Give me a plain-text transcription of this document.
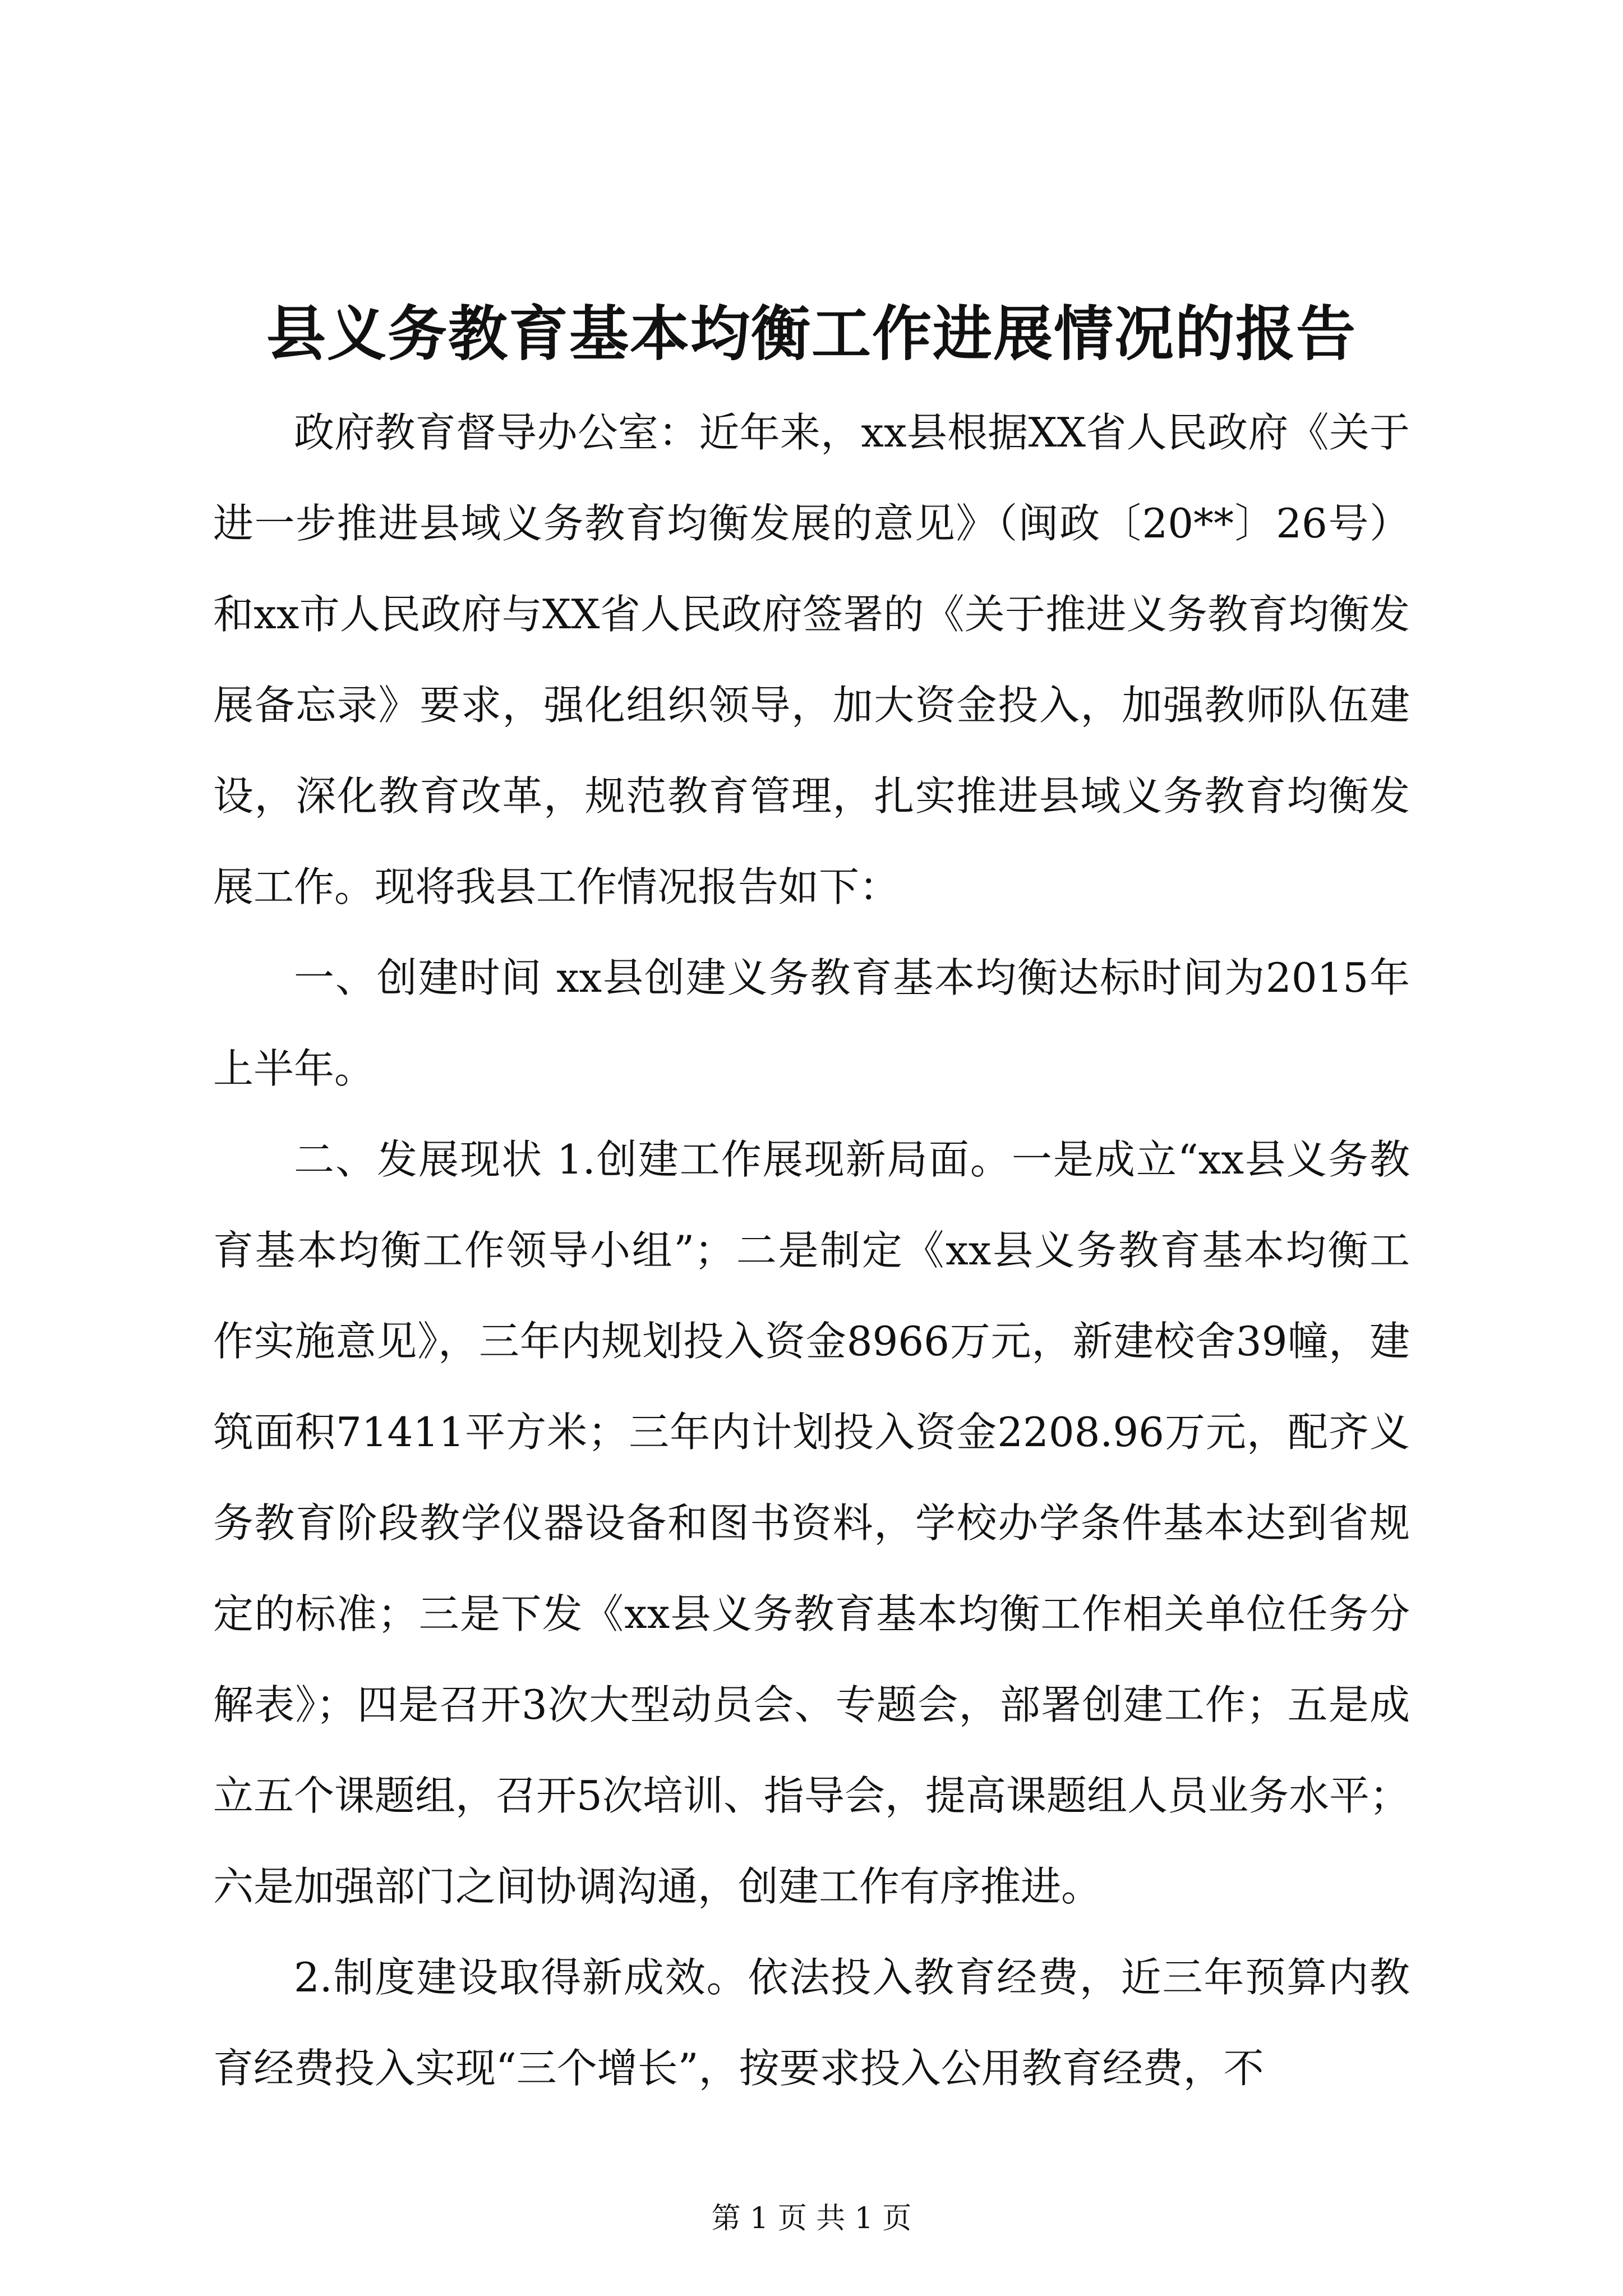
县义务教育基本均衡工作进展情况的报告

政府教育督导办公室：近年来，xx县根据XX省人民政府《关于进一步推进县域义务教育均衡发展的意见》（闽政〔20**〕26号）和xx市人民政府与XX省人民政府签署的《关于推进义务教育均衡发展备忘录》要求，强化组织领导，加大资金投入，加强教师队伍建设，深化教育改革，规范教育管理，扎实推进县域义务教育均衡发展工作。现将我县工作情况报告如下：

一、创建时间 xx县创建义务教育基本均衡达标时间为2015年上半年。

二、发展现状 1.创建工作展现新局面。一是成立“xx县义务教育基本均衡工作领导小组”；二是制定《xx县义务教育基本均衡工作实施意见》，三年内规划投入资金8966万元，新建校舍39幢，建筑面积71411平方米；三年内计划投入资金2208.96万元，配齐义务教育阶段教学仪器设备和图书资料，学校办学条件基本达到省规定的标准；三是下发《xx县义务教育基本均衡工作相关单位任务分解表》；四是召开3次大型动员会、专题会，部署创建工作；五是成立五个课题组，召开5次培训、指导会，提高课题组人员业务水平；六是加强部门之间协调沟通，创建工作有序推进。

2.制度建设取得新成效。依法投入教育经费，近三年预算内教育经费投入实现“三个增长”，按要求投入公用教育经费，不

第 1 页 共 1 页
